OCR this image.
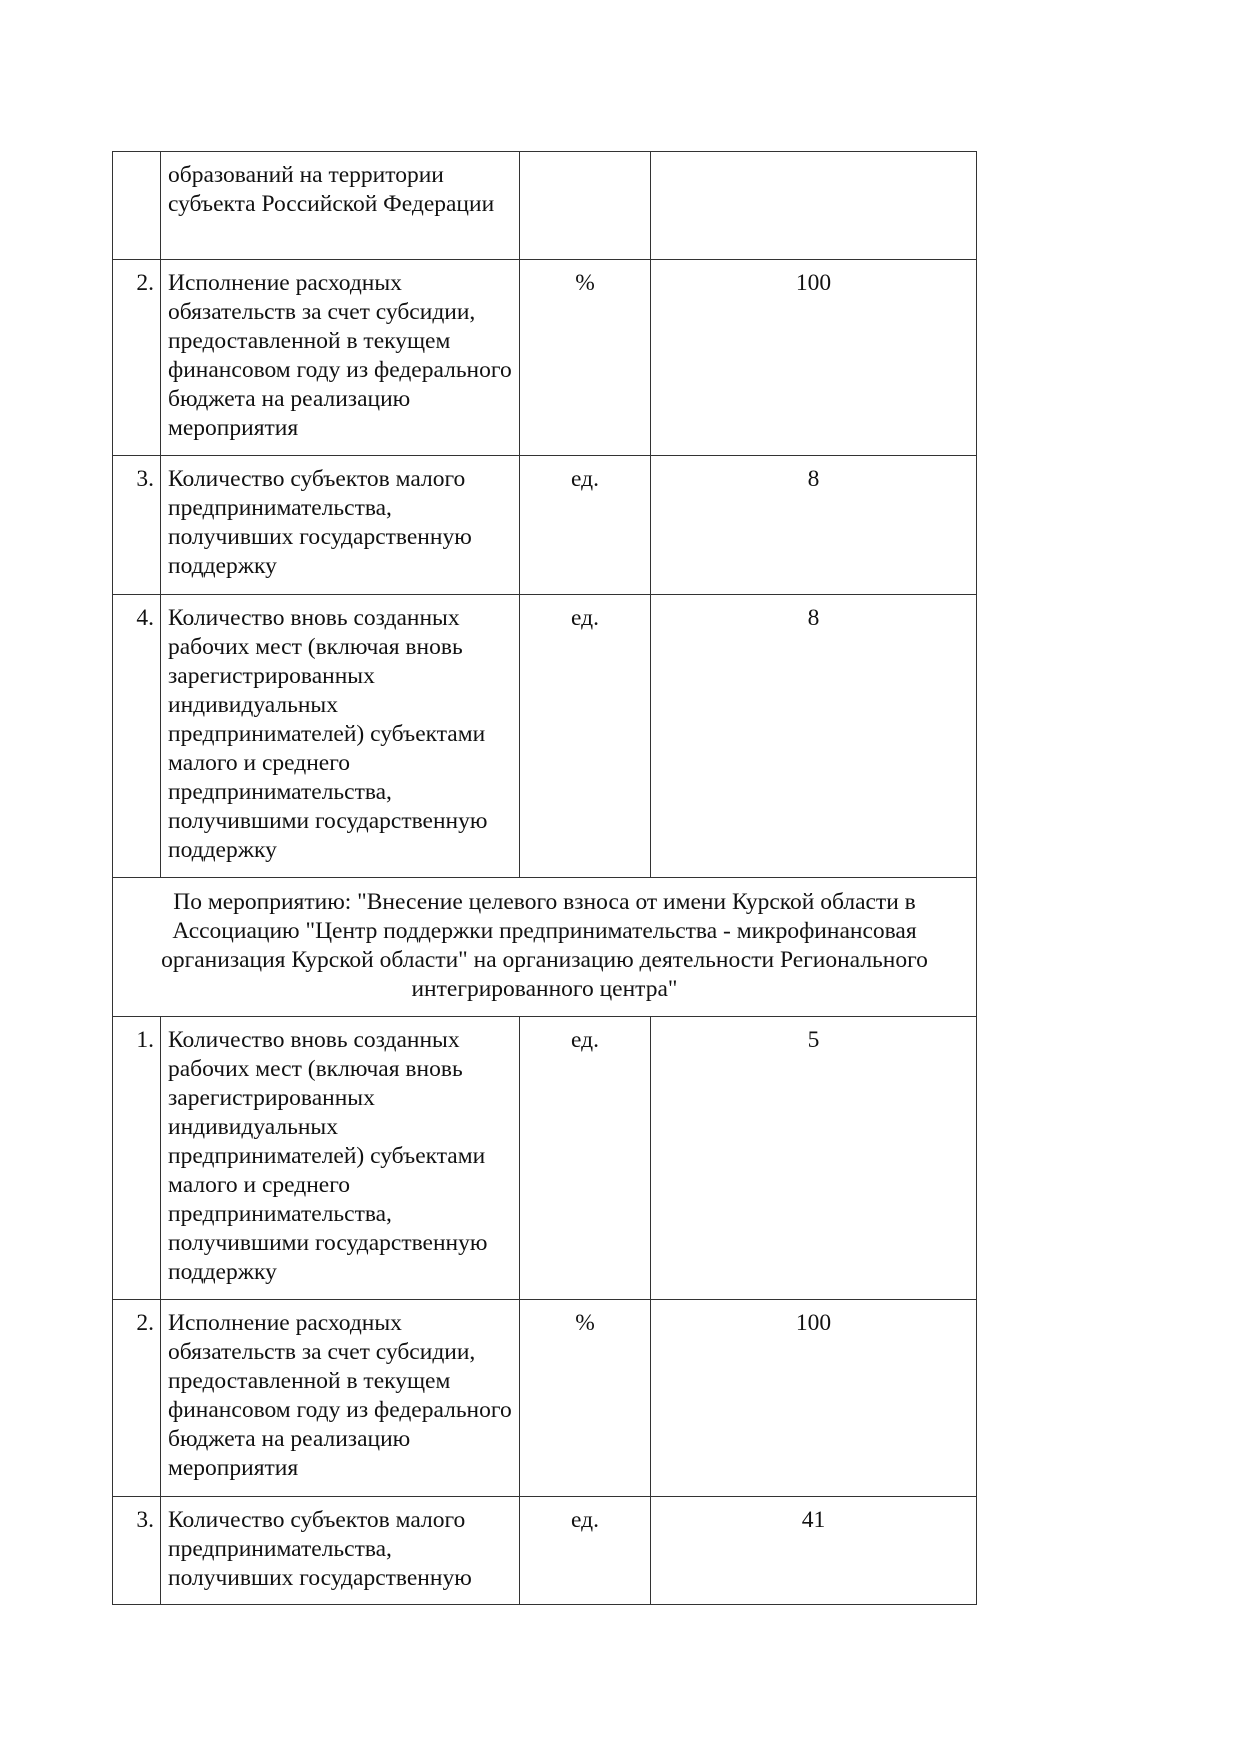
	образований на территории субъекта Российской Федерации		
2.	Исполнение расходных обязательств за счет субсидии, предоставленной в текущем финансовом году из федерального бюджета на реализацию мероприятия	%	100
3.	Количество субъектов малого предпринимательства, получивших государственную поддержку	ед.	8
4.	Количество вновь созданных рабочих мест (включая вновь зарегистрированных индивидуальных предпринимателей) субъектами малого и среднего предпринимательства, получившими государственную поддержку	ед.	8
По мероприятию: "Внесение целевого взноса от имени Курской области в Ассоциацию "Центр поддержки предпринимательства - микрофинансовая организация Курской области" на организацию деятельности Регионального интегрированного центра"			
1.	Количество вновь созданных рабочих мест (включая вновь зарегистрированных индивидуальных предпринимателей) субъектами малого и среднего предпринимательства, получившими государственную поддержку	ед.	5
2.	Исполнение расходных обязательств за счет субсидии, предоставленной в текущем финансовом году из федерального бюджета на реализацию мероприятия	%	100
3.	Количество субъектов малого предпринимательства, получивших государственную	ед.	41
